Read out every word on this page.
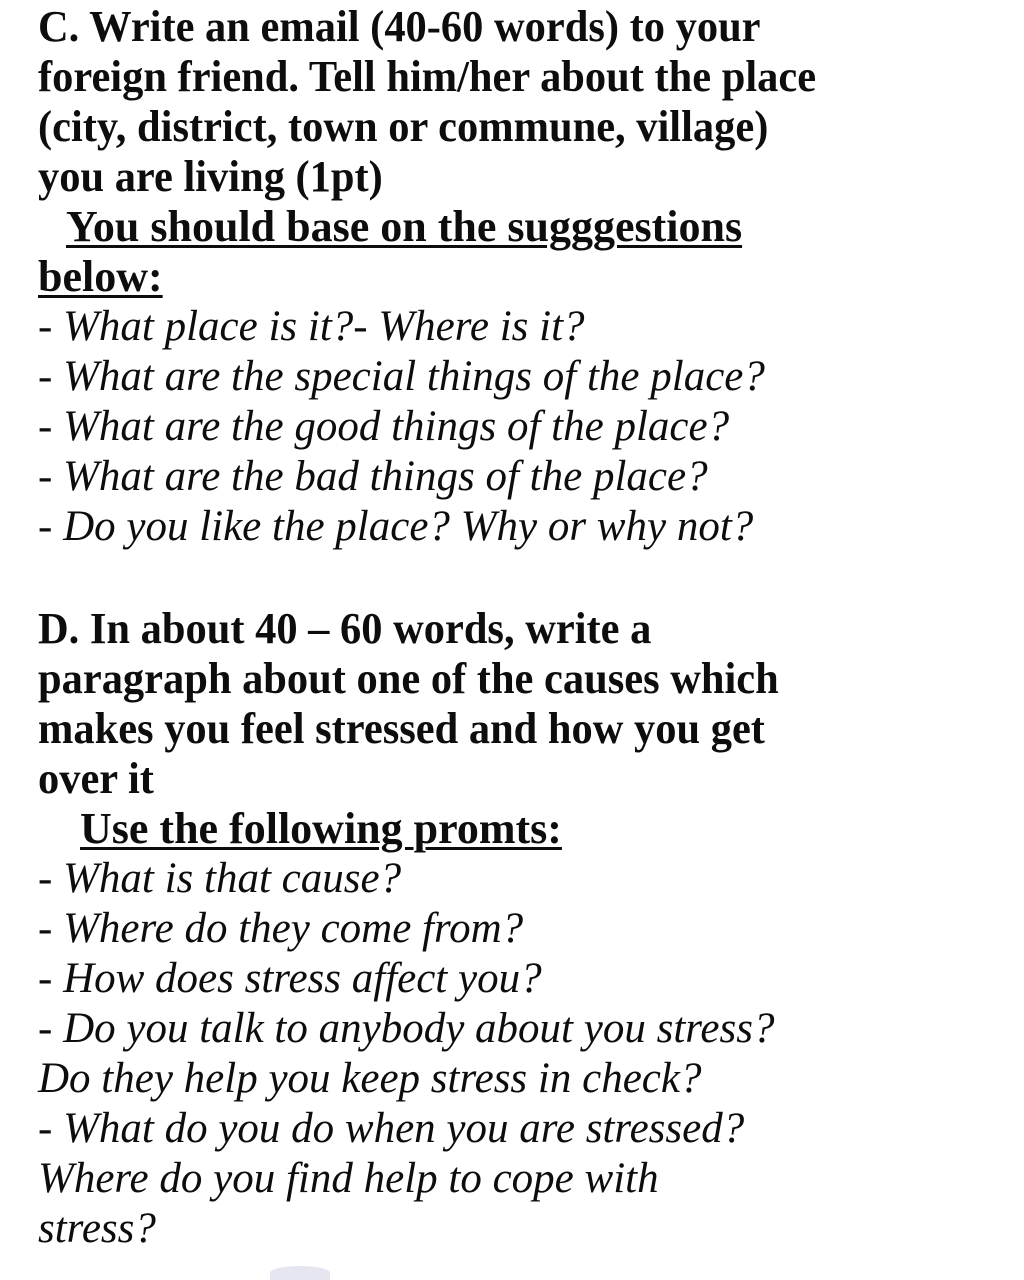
C. Write an email (40-60 words) to your
foreign friend. Tell him/her about the place
(city, district, town or commune, village)
you are living (1pt)
You should base on the sugggestions
below:
- What place is it?- Where is it?
- What are the special things of the place?
- What are the good things of the place?
- What are the bad things of the place?
- Do you like the place? Why or why not?
D. In about 40 – 60 words, write a
paragraph about one of the causes which
makes you feel stressed and how you get
over it
Use the following promts:
- What is that cause?
- Where do they come from?
- How does stress affect you?
- Do you talk to anybody about you stress?
Do they help you keep stress in check?
- What do you do when you are stressed?
Where do you find help to cope with
stress?
